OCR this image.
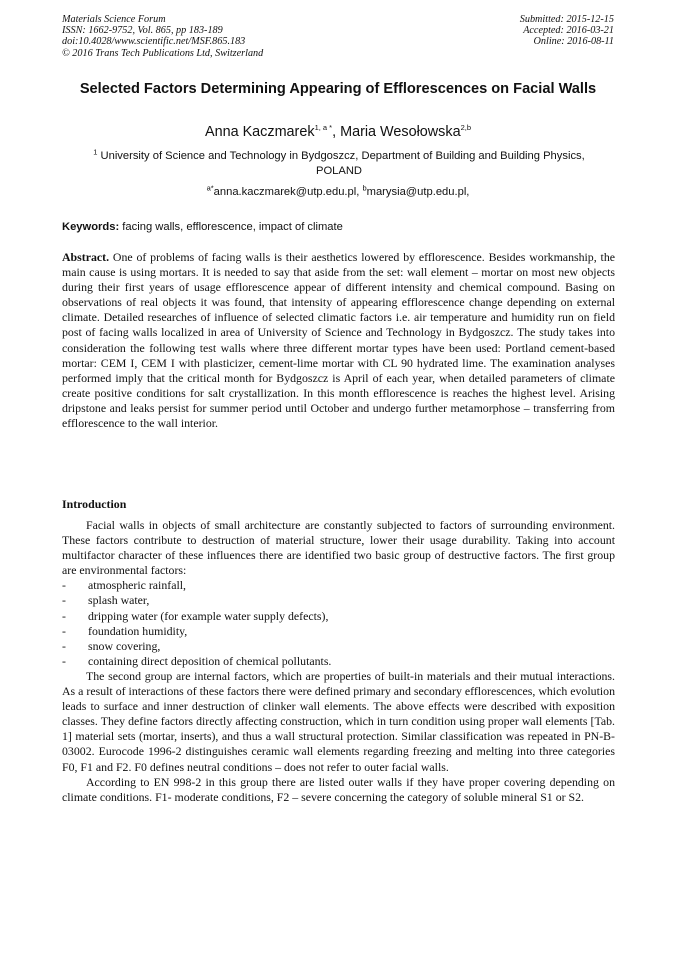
Materials Science Forum
ISSN: 1662-9752, Vol. 865, pp 183-189
doi:10.4028/www.scientific.net/MSF.865.183
© 2016 Trans Tech Publications Ltd, Switzerland
Submitted: 2015-12-15
Accepted: 2016-03-21
Online: 2016-08-11
Selected Factors Determining Appearing of Efflorescences on Facial Walls
Anna Kaczmarek$^{1, a *}$, Maria Wesołowska$^{2,b}$
$^1$ University of Science and Technology in Bydgoszcz, Department of Building and Building Physics, POLAND
$^{a*}$anna.kaczmarek@utp.edu.pl, $^b$marysia@utp.edu.pl,
Keywords: facing walls, efflorescence, impact of climate
Abstract. One of problems of facing walls is their aesthetics lowered by efflorescence. Besides workmanship, the main cause is using mortars. It is needed to say that aside from the set: wall element – mortar on most new objects during their first years of usage efflorescence appear of different intensity and chemical compound. Basing on observations of real objects it was found, that intensity of appearing efflorescence change depending on external climate. Detailed researches of influence of selected climatic factors i.e. air temperature and humidity run on field post of facing walls localized in area of University of Science and Technology in Bydgoszcz. The study takes into consideration the following test walls where three different mortar types have been used: Portland cement-based mortar: CEM I, CEM I with plasticizer, cement-lime mortar with CL 90 hydrated lime. The examination analyses performed imply that the critical month for Bydgoszcz is April of each year, when detailed parameters of climate create positive conditions for salt crystallization. In this month efflorescence is reaches the highest level. Arising dripstone and leaks persist for summer period until October and undergo further metamorphose – transferring from efflorescence to the wall interior.
Introduction

Facial walls in objects of small architecture are constantly subjected to factors of surrounding environment. These factors contribute to destruction of material structure, lower their usage durability. Taking into account multifactor character of these influences there are identified two basic group of destructive factors. The first group are environmental factors:

- atmospheric rainfall,
- splash water,
- dripping water (for example water supply defects),
- foundation humidity,
- snow covering,
- containing direct deposition of chemical pollutants.

The second group are internal factors, which are properties of built-in materials and their mutual interactions. As a result of interactions of these factors there were defined primary and secondary efflorescences, which evolution leads to surface and inner destruction of clinker wall elements. The above effects were described with exposition classes. They define factors directly affecting construction, which in turn condition using proper wall elements [Tab. 1] material sets (mortar, inserts), and thus a wall structural protection. Similar classification was repeated in PN-B-03002. Eurocode 1996-2 distinguishes ceramic wall elements regarding freezing and melting into three categories F0, F1 and F2. F0 defines neutral conditions – does not refer to outer facial walls.

According to EN 998-2 in this group there are listed outer walls if they have proper covering depending on climate conditions. F1- moderate conditions, F2 – severe concerning the category of soluble mineral S1 or S2.
